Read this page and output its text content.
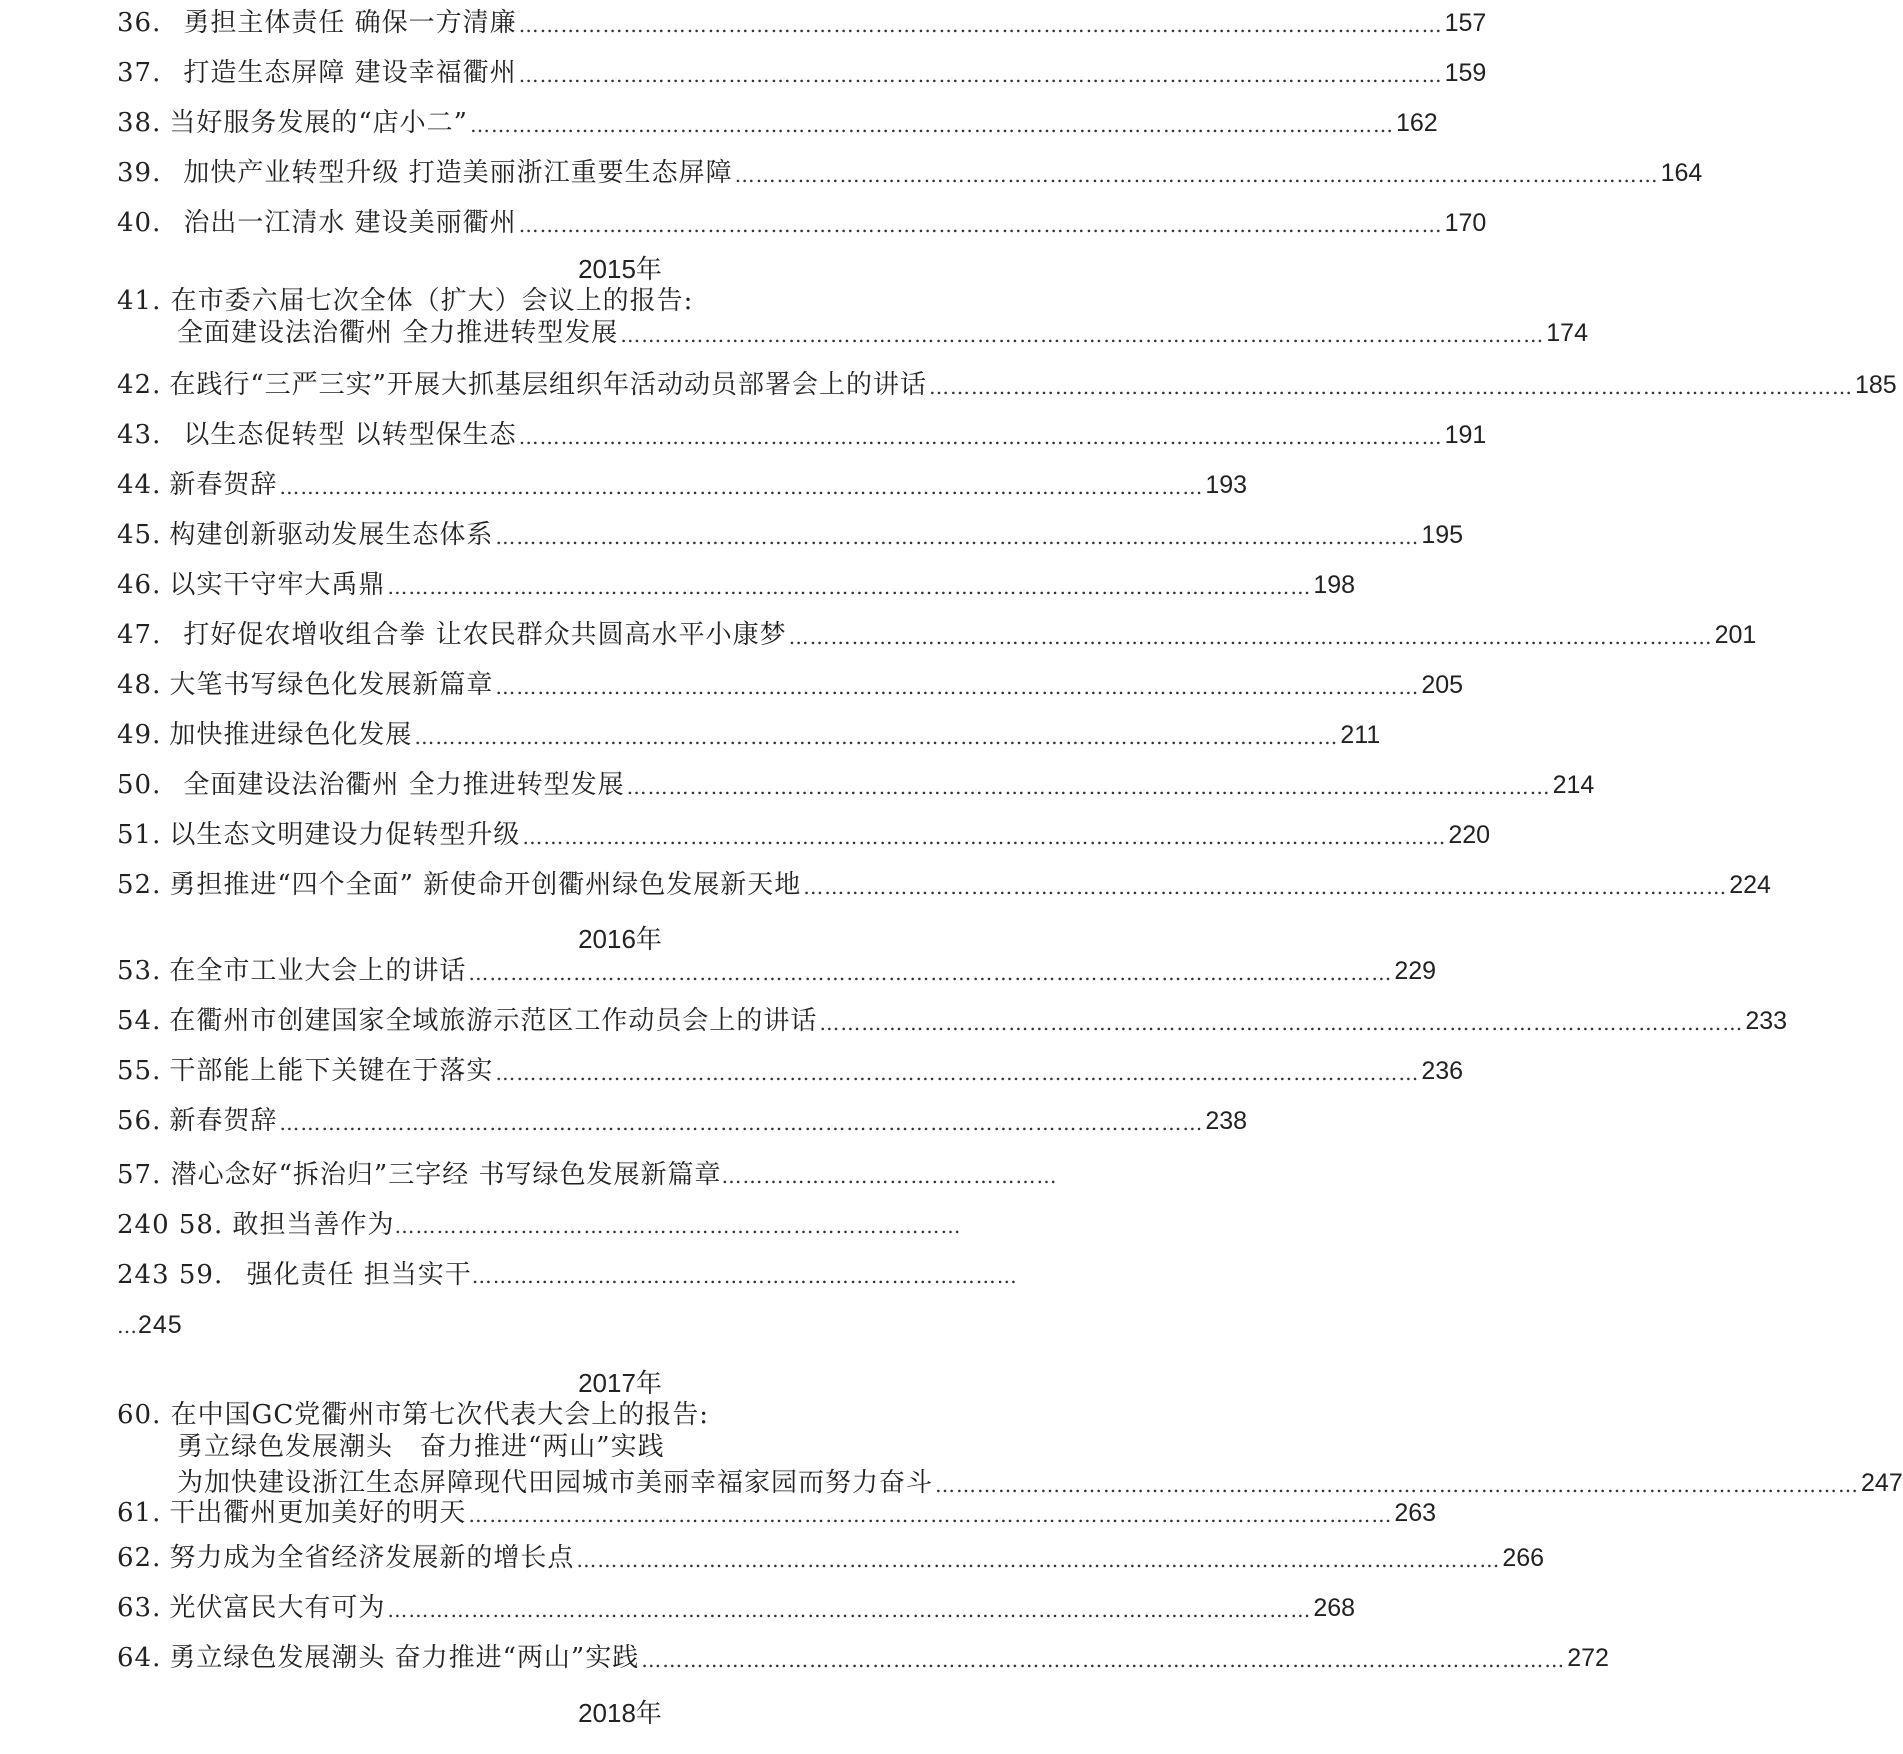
36. 勇担主体责任 确保一方清廉 …………………………………………………………………………………………………………………… 157
37. 打造生态屏障 建设幸福衢州 …………………………………………………………………………………………………………………… 159
38. 当好服务发展的“店小二” …………………………………………………………………………………………………………………… 162
39. 加快产业转型升级 打造美丽浙江重要生态屏障 …………………………………………………………………………………………………………………… 164
40. 治出一江清水 建设美丽衢州 …………………………………………………………………………………………………………………… 170
2015年
41. 在市委六届七次全体（扩大）会议上的报告:
全面建设法治衢州 全力推进转型发展 …………………………………………………………………………………………………………………… 174
42. 在践行“三严三实”开展大抓基层组织年活动动员部署会上的讲话 …………………………………………………………………………………………………………………… 185
43. 以生态促转型 以转型保生态 …………………………………………………………………………………………………………………… 191
44. 新春贺辞 …………………………………………………………………………………………………………………… 193
45. 构建创新驱动发展生态体系 …………………………………………………………………………………………………………………… 195
46. 以实干守牢大禹鼎 …………………………………………………………………………………………………………………… 198
47. 打好促农增收组合拳 让农民群众共圆高水平小康梦 …………………………………………………………………………………………………………………… 201
48. 大笔书写绿色化发展新篇章 …………………………………………………………………………………………………………………… 205
49. 加快推进绿色化发展 …………………………………………………………………………………………………………………… 211
50. 全面建设法治衢州 全力推进转型发展 …………………………………………………………………………………………………………………… 214
51. 以生态文明建设力促转型升级 …………………………………………………………………………………………………………………… 220
52. 勇担推进“四个全面” 新使命开创衢州绿色发展新天地 …………………………………………………………………………………………………………………… 224
2016年
53. 在全市工业大会上的讲话 …………………………………………………………………………………………………………………… 229
54. 在衢州市创建国家全域旅游示范区工作动员会上的讲话 …………………………………………………………………………………………………………………… 233
55. 干部能上能下关键在于落实 …………………………………………………………………………………………………………………… 236
56. 新春贺辞 …………………………………………………………………………………………………………………… 238
57. 潜心念好“拆治归”三字经 书写绿色发展新篇章…………………………………………
240 58. 敢担当善作为………………………………………………………………………
243 59. 强化责任 担当实干……………………………………………………………………
…245
2017年
60. 在中国GC党衢州市第七次代表大会上的报告:
勇立绿色发展潮头　奋力推进“两山”实践
为加快建设浙江生态屏障现代田园城市美丽幸福家园而努力奋斗 …………………………………………………………………………………………………………………… 247
61. 干出衢州更加美好的明天 …………………………………………………………………………………………………………………… 263
62. 努力成为全省经济发展新的增长点 …………………………………………………………………………………………………………………… 266
63. 光伏富民大有可为 …………………………………………………………………………………………………………………… 268
64. 勇立绿色发展潮头 奋力推进“两山”实践 …………………………………………………………………………………………………………………… 272
2018年
